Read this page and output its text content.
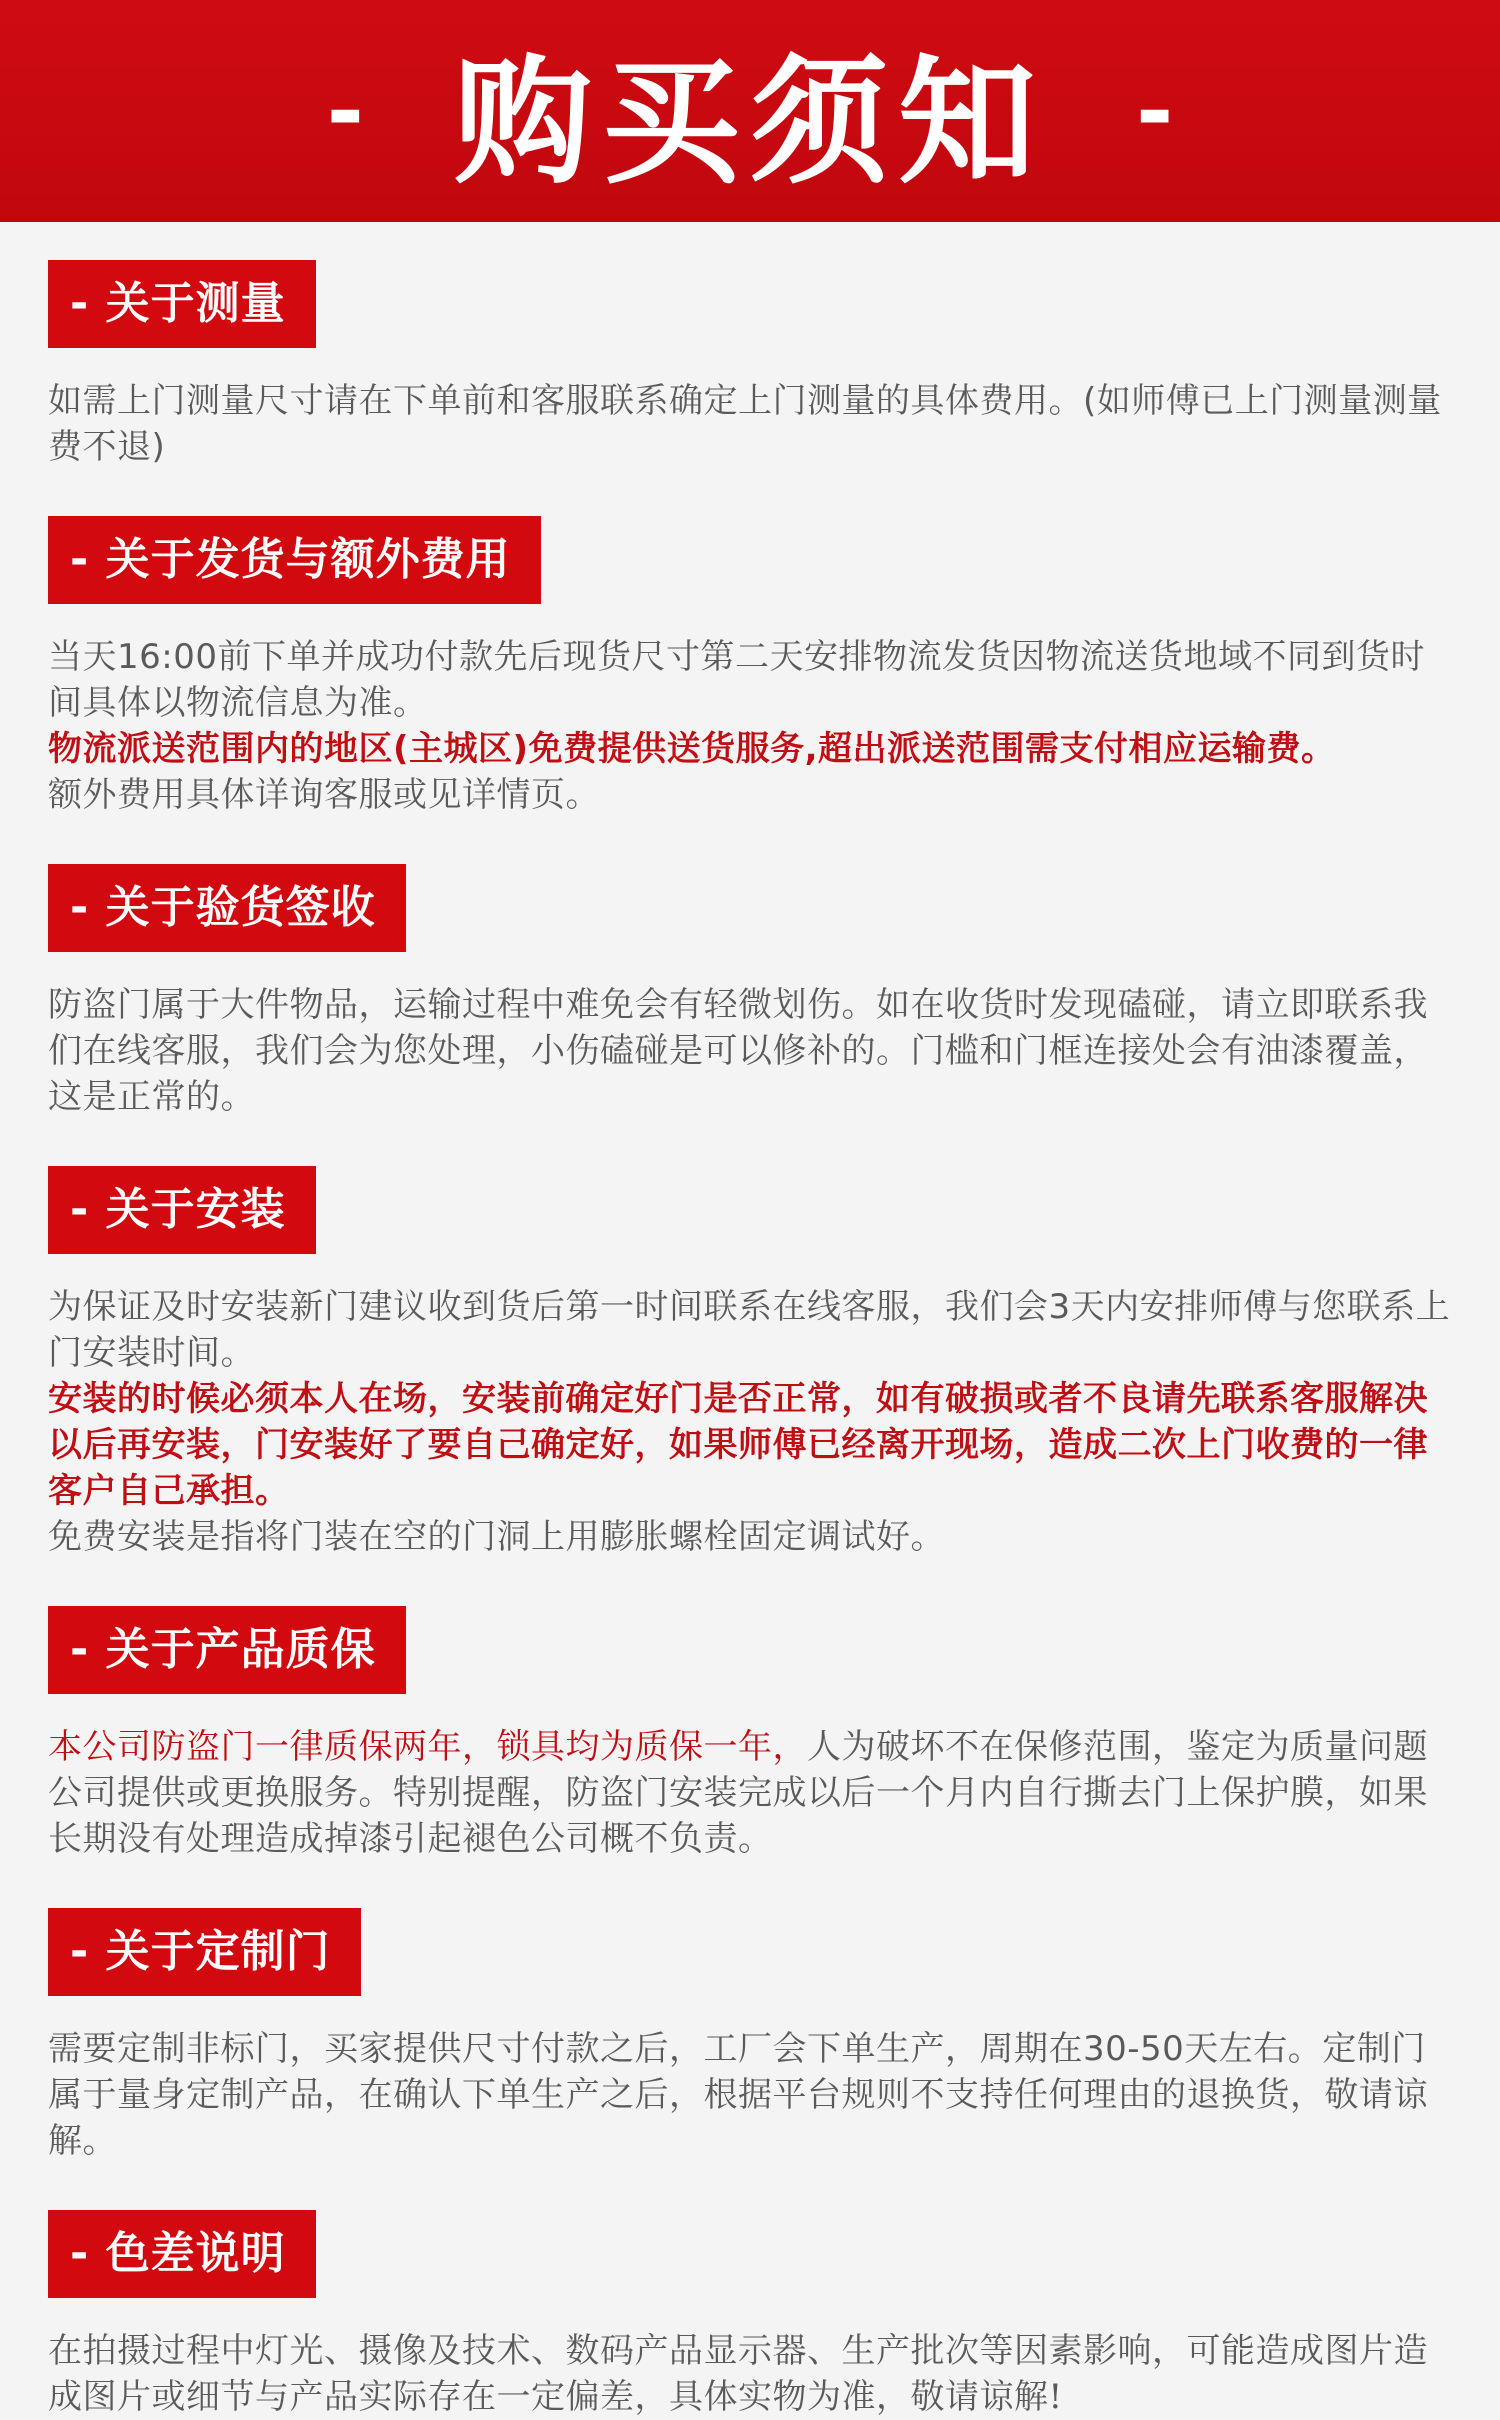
- 购买须知 -
- 关于测量

如需上门测量尺寸请在下单前和客服联系确定上门测量的具体费用。(如师傅已上门测量测量费不退)

- 关于发货与额外费用

当天16:00前下单并成功付款先后现货尺寸第二天安排物流发货因物流送货地域不同到货时间具体以物流信息为准。

物流派送范围内的地区(主城区)免费提供送货服务,超出派送范围需支付相应运输费。

额外费用具体详询客服或见详情页。

- 关于验货签收

防盗门属于大件物品，运输过程中难免会有轻微划伤。如在收货时发现磕碰，请立即联系我们在线客服，我们会为您处理，小伤磕碰是可以修补的。门槛和门框连接处会有油漆覆盖，这是正常的。

- 关于安装

为保证及时安装新门建议收到货后第一时间联系在线客服，我们会3天内安排师傅与您联系上门安装时间。

安装的时候必须本人在场，安装前确定好门是否正常，如有破损或者不良请先联系客服解决以后再安装，门安装好了要自己确定好，如果师傅已经离开现场，造成二次上门收费的一律客户自己承担。

免费安装是指将门装在空的门洞上用膨胀螺栓固定调试好。

- 关于产品质保

本公司防盗门一律质保两年，锁具均为质保一年，人为破坏不在保修范围，鉴定为质量问题公司提供或更换服务。特别提醒，防盗门安装完成以后一个月内自行撕去门上保护膜，如果长期没有处理造成掉漆引起褪色公司概不负责。

- 关于定制门

需要定制非标门，买家提供尺寸付款之后，工厂会下单生产，周期在30-50天左右。定制门属于量身定制产品，在确认下单生产之后，根据平台规则不支持任何理由的退换货，敬请谅解。

- 色差说明

在拍摄过程中灯光、摄像及技术、数码产品显示器、生产批次等因素影响，可能造成图片造成图片或细节与产品实际存在一定偏差，具体实物为准，敬请谅解!
